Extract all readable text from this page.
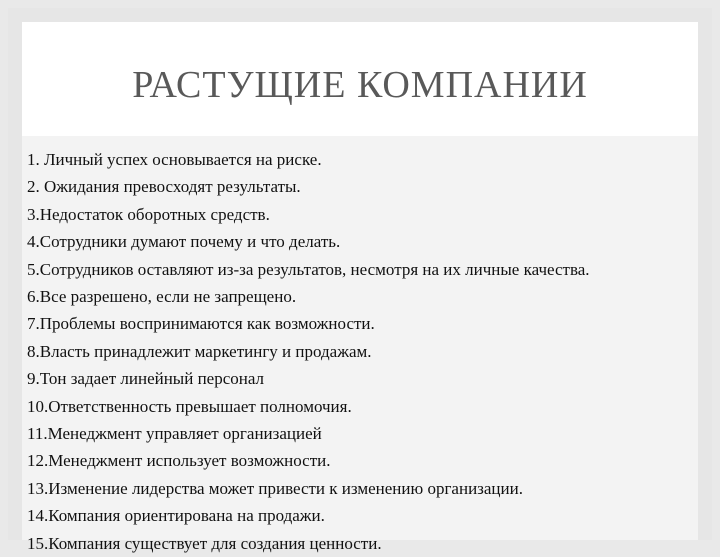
РАСТУЩИЕ КОМПАНИИ
1. Личный успех основывается на риске.
2. Ожидания превосходят результаты.
3.Недостаток оборотных средств.
4.Сотрудники думают почему и что делать.
5.Сотрудников оставляют из-за результатов, несмотря на их личные качества.
6.Все разрешено, если не запрещено.
7.Проблемы воспринимаются как возможности.
8.Власть принадлежит маркетингу и продажам.
9.Тон задает линейный персонал
10.Ответственность превышает полномочия.
11.Менеджмент управляет организацией
12.Менеджмент использует возможности.
13.Изменение лидерства может привести к изменению организации.
14.Компания ориентирована на продажи.
15.Компания существует для создания ценности.
